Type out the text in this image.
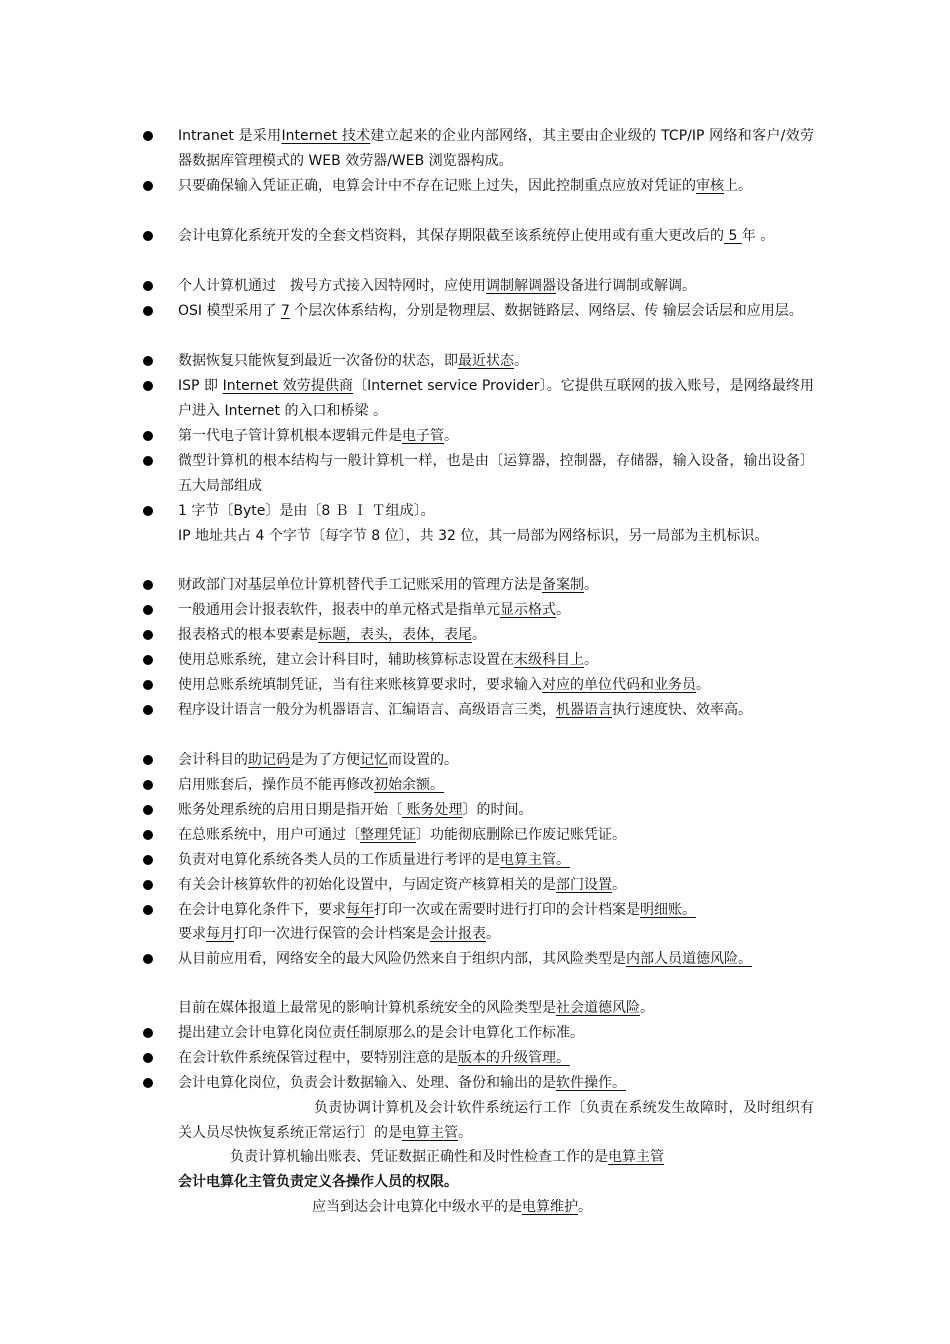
Intranet 是采用Internet 技术建立起来的企业内部网络，其主要由企业级的 TCP/IP 网络和客户/效劳器数据库管理模式的 WEB 效劳器/WEB 浏览器构成。
只要确保输入凭证正确，电算会计中不存在记账上过失，因此控制重点应放对凭证的审核上。
会计电算化系统开发的全套文档资料，其保存期限截至该系统停止使用或有重大更改后的 5 年 。
个人计算机通过　拨号方式接入因特网时，应使用调制解调器设备进行调制或解调。
OSI 模型采用了 7 个层次体系结构，分别是物理层、数据链路层、网络层、传 输层会话层和应用层。
数据恢复只能恢复到最近一次备份的状态，即最近状态。
ISP 即 Internet 效劳提供商〔Internet service Provider〕。它提供互联网的拔入账号，是网络最终用户进入 Internet 的入口和桥梁 。
第一代电子管计算机根本逻辑元件是电子管。
微型计算机的根本结构与一般计算机一样，也是由〔运算器，控制器，存储器，输入设备，输出设备〕五大局部组成
1 字节〔Byte〕是由〔8 Ｂ Ｉ Ｔ组成〕。
IP 地址共占 4 个字节〔每字节 8 位〕，共 32 位，其一局部为网络标识，另一局部为主机标识。
财政部门对基层单位计算机替代手工记账采用的管理方法是备案制。
一般通用会计报表软件，报表中的单元格式是指单元显示格式。
报表格式的根本要素是标题，表头，表体，表尾。
使用总账系统，建立会计科目时，辅助核算标志设置在末级科目上。
使用总账系统填制凭证，当有往来账核算要求时，要求输入对应的单位代码和业务员。
程序设计语言一般分为机器语言、汇编语言、高级语言三类，机器语言执行速度快、效率高。
会计科目的助记码是为了方便记忆而设置的。
启用账套后，操作员不能再修改初始余额。
账务处理系统的启用日期是指开始〔 账务处理〕的时间。
在总账系统中，用户可通过〔整理凭证〕功能彻底删除已作废记账凭证。
负责对电算化系统各类人员的工作质量进行考评的是电算主管。
有关会计核算软件的初始化设置中，与固定资产核算相关的是部门设置。
在会计电算化条件下，要求每年打印一次或在需要时进行打印的会计档案是明细账。
要求每月打印一次进行保管的会计档案是会计报表。
从目前应用看，网络安全的最大风险仍然来自于组织内部，其风险类型是内部人员道德风险。
目前在媒体报道上最常见的影响计算机系统安全的风险类型是社会道德风险。
提出建立会计电算化岗位责任制原那么的是会计电算化工作标准。
在会计软件系统保管过程中，要特别注意的是版本的升级管理。
会计电算化岗位，负责会计数据输入、处理、备份和输出的是软件操作。
负责协调计算机及会计软件系统运行工作〔负责在系统发生故障时，及时组织有关人员尽快恢复系统正常运行〕的是电算主管。
负责计算机输出账表、凭证数据正确性和及时性检查工作的是电算主管
会计电算化主管负责定义各操作人员的权限。
应当到达会计电算化中级水平的是电算维护。
